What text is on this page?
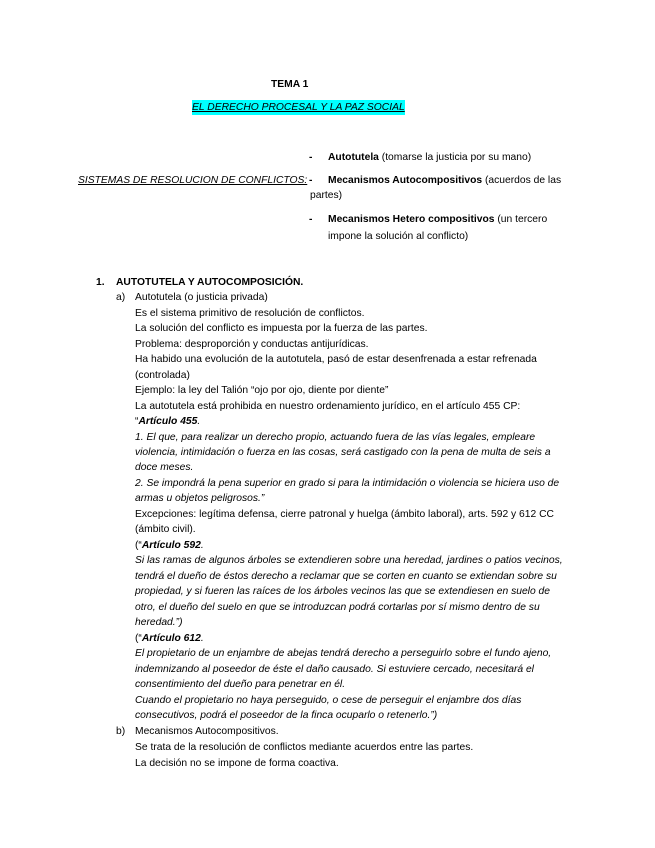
TEMA 1
EL DERECHO PROCESAL Y LA PAZ SOCIAL
SISTEMAS DE RESOLUCION DE CONFLICTOS:
- Autotutela (tomarse la justicia por su mano)
- Mecanismos Autocompositivos (acuerdos de las
partes)
- Mecanismos Hetero compositivos (un tercero
impone la solución al conflicto)
1. AUTOTUTELA Y AUTOCOMPOSICIÓN.
a) Autotutela (o justicia privada)
Es el sistema primitivo de resolución de conflictos.
La solución del conflicto es impuesta por la fuerza de las partes.
Problema: desproporción y conductas antijurídicas.
Ha habido una evolución de la autotutela, pasó de estar desenfrenada a estar refrenada
(controlada)
Ejemplo: la ley del Talión “ojo por ojo, diente por diente”
La autotutela está prohibida en nuestro ordenamiento jurídico, en el artículo 455 CP:
“Artículo 455.
1. El que, para realizar un derecho propio, actuando fuera de las vías legales, empleare
violencia, intimidación o fuerza en las cosas, será castigado con la pena de multa de seis a
doce meses.
2. Se impondrá la pena superior en grado si para la intimidación o violencia se hiciera uso de
armas u objetos peligrosos.”
Excepciones: legítima defensa, cierre patronal y huelga (ámbito laboral), arts. 592 y 612 CC
(ámbito civil).
(“Artículo 592.
Si las ramas de algunos árboles se extendieren sobre una heredad, jardines o patios vecinos,
tendrá el dueño de éstos derecho a reclamar que se corten en cuanto se extiendan sobre su
propiedad, y si fueren las raíces de los árboles vecinos las que se extendiesen en suelo de
otro, el dueño del suelo en que se introduzcan podrá cortarlas por sí mismo dentro de su
heredad.”)
(“Artículo 612.
El propietario de un enjambre de abejas tendrá derecho a perseguirlo sobre el fundo ajeno,
indemnizando al poseedor de éste el daño causado. Si estuviere cercado, necesitará el
consentimiento del dueño para penetrar en él.
Cuando el propietario no haya perseguido, o cese de perseguir el enjambre dos días
consecutivos, podrá el poseedor de la finca ocuparlo o retenerlo.”)
b) Mecanismos Autocompositivos.
Se trata de la resolución de conflictos mediante acuerdos entre las partes.
La decisión no se impone de forma coactiva.
